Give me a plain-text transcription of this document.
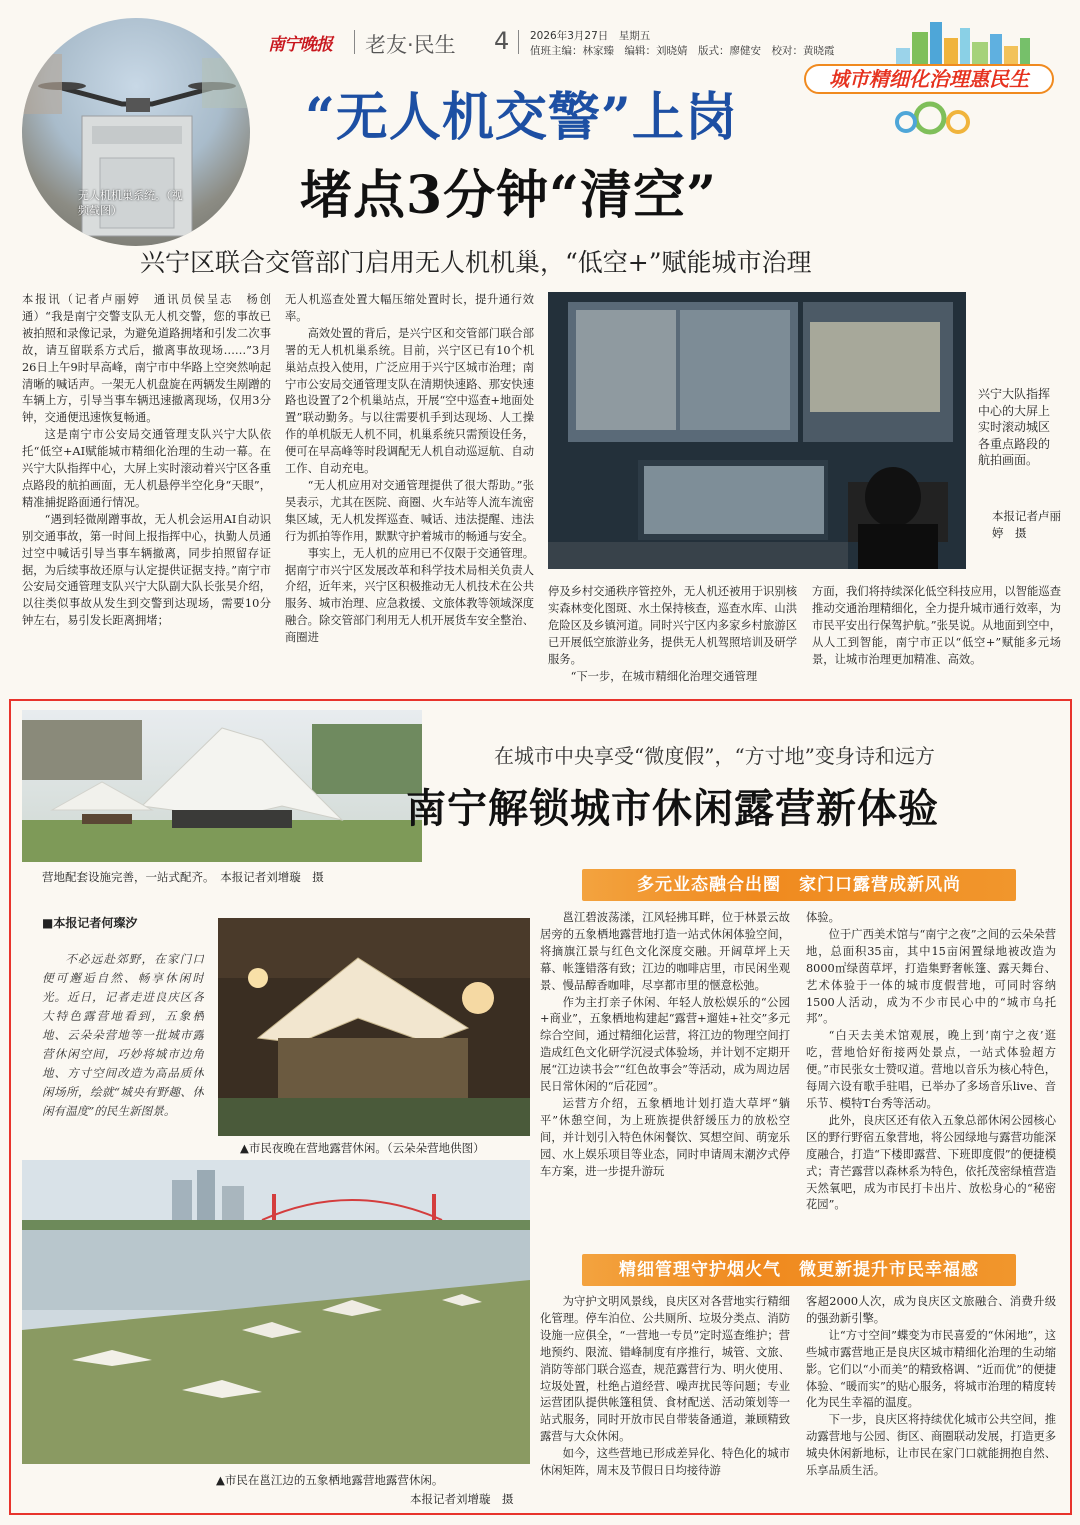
南宁晚报 老友·民生 4 2026年3月27日　星期五
值班主编：林家臻　编辑：刘晓婧　版式：廖健安　校对：黄晓霞
城市精细化治理惠民生
无人机机巢系统。（视频截图）
“无人机交警”上岗
堵点3分钟“清空”
兴宁区联合交管部门启用无人机机巢，“低空+”赋能城市治理

本报讯（记者卢丽婷　通讯员侯呈志　杨创通）“我是南宁交警支队无人机交警，您的事故已被拍照和录像记录，为避免道路拥堵和引发二次事故，请互留联系方式后，撤离事故现场……”3月26日上午9时早高峰，南宁市中华路上空突然响起清晰的喊话声。一架无人机盘旋在两辆发生剐蹭的车辆上方，引导当事车辆迅速撤离现场，仅用3分钟，交通便迅速恢复畅通。

这是南宁市公安局交通管理支队兴宁大队依托“低空+AI赋能城市精细化治理的生动一幕。在兴宁大队指挥中心，大屏上实时滚动着兴宁区各重点路段的航拍画面，无人机悬停半空化身“天眼”，精准捕捉路面通行情况。

“遇到轻微剐蹭事故，无人机会运用AI自动识别交通事故，第一时间上报指挥中心，执勤人员通过空中喊话引导当事车辆撤离，同步拍照留存证据，为后续事故还原与认定提供证据支持。”南宁市公安局交通管理支队兴宁大队副大队长张昊介绍，以往类似事故从发生到交警到达现场，需要10分钟左右，易引发长距离拥堵；

无人机巡查处置大幅压缩处置时长，提升通行效率。

高效处置的背后，是兴宁区和交管部门联合部署的无人机机巢系统。目前，兴宁区已有10个机巢站点投入使用，广泛应用于兴宁区城市治理；南宁市公安局交通管理支队在清期快速路、那安快速路也设置了2个机巢站点，开展“空中巡查+地面处置”联动勤务。与以往需要机手到达现场、人工操作的单机版无人机不同，机巢系统只需预设任务，便可在早高峰等时段调配无人机自动巡逗航、自动工作、自动充电。

“无人机应用对交通管理提供了很大帮助。”张昊表示，尤其在医院、商圈、火车站等人流车流密集区域，无人机发挥巡查、喊话、违法提醒、违法行为抓拍等作用，默默守护着城市的畅通与安全。

事实上，无人机的应用已不仅限于交通管理。据南宁市兴宁区发展改革和科学技术局相关负责人介绍，近年来，兴宁区积极推动无人机技术在公共服务、城市治理、应急救援、文旅体教等领域深度融合。除交管部门利用无人机开展货车安全整治、商圈进

兴宁大队指挥中心的大屏上实时滚动城区各重点路段的航拍画面。
本报记者卢丽婷　摄

停及乡村交通秩序管控外，无人机还被用于识别核实森林变化图斑、水土保持核查，巡查水库、山洪危险区及乡镇河道。同时兴宁区内多家乡村旅游区已开展低空旅游业务，提供无人机驾照培训及研学服务。

“下一步，在城市精细化治理交通管理

方面，我们将持续深化低空科技应用，以智能巡查推动交通治理精细化，全力提升城市通行效率，为市民平安出行保驾护航。”张昊说。从地面到空中，从人工到智能，南宁市正以“低空+”赋能多元场景，让城市治理更加精准、高效。

营地配套设施完善，一站式配齐。　本报记者刘增璇　摄
在城市中央享受“微度假”，“方寸地”变身诗和远方
南宁解锁城市休闲露营新体验
多元业态融合出圈　家门口露营成新风尚
■本报记者何璨汐

不必远赴郊野，在家门口便可邂逅自然、畅享休闲时光。近日，记者走进良庆区各大特色露营地看到，五象栖地、云朵朵营地等一批城市露营休闲空间，巧妙将城市边角地、方寸空间改造为高品质休闲场所，绘就“城央有野趣、休闲有温度”的民生新图景。

▲市民夜晚在营地露营休闲。（云朵朵营地供图）
▲市民在邕江边的五象栖地露营地露营休闲。
本报记者刘增璇　摄

邕江碧波荡漾，江风轻拂耳畔，位于林景云故居旁的五象栖地露营地打造一站式休闲体验空间，将摘旗江景与红色文化深度交融。开阔草坪上天幕、帐篷错落有致；江边的咖啡店里，市民闲坐观景、慢品醇香咖啡，尽享都市里的惬意松弛。

作为主打亲子休闲、年轻人放松娱乐的“公园+商业”，五象栖地构建起“露营+遛娃+社交”多元综合空间，通过精细化运营，将江边的物理空间打造成红色文化研学沉浸式体验场，并计划不定期开展“江边读书会”“红色故事会”等活动，成为周边居民日常休闲的“后花园”。

运营方介绍，五象栖地计划打造大草坪“躺平”休憩空间，为上班族提供舒缓压力的放松空间，并计划引入特色休闲餐饮、冥想空间、萌宠乐园、水上娱乐项目等业态，同时申请周末潮汐式停车方案，进一步提升游玩

体验。

位于广西美术馆与“南宁之夜”之间的云朵朵营地，总面积35亩，其中15亩闲置绿地被改造为8000㎡绿茵草坪，打造集野奢帐篷、露天舞台、艺术体验于一体的城市度假营地，可同时容纳1500人活动，成为不少市民心中的“城市乌托邦”。

“白天去美术馆观展，晚上到‘南宁之夜’逛吃，营地恰好衔接两处景点，一站式体验超方便。”市民张女士赞叹道。营地以音乐为核心特色，每周六设有歌手驻唱，已举办了多场音乐live、音乐节、模特T台秀等活动。

此外，良庆区还有依入五象总部休闲公园核心区的野行野宿五象营地，将公园绿地与露营功能深度融合，打造“下楼即露营、下班即度假”的便捷模式；青芒露营以森林系为特色，依托茂密绿植营造天然氧吧，成为市民打卡出片、放松身心的“秘密花园”。

精细管理守护烟火气　微更新提升市民幸福感

为守护文明风景线，良庆区对各营地实行精细化管理。停车泊位、公共厕所、垃圾分类点、消防设施一应俱全，“一营地一专员”定时巡查维护；营地预约、限流、错峰制度有序推行，城管、文旅、消防等部门联合巡查，规范露营行为、明火使用、垃圾处置，杜绝占道经营、噪声扰民等问题；专业运营团队提供帐篷租赁、食材配送、活动策划等一站式服务，同时开放市民自带装备通道，兼顾精致露营与大众休闲。

如今，这些营地已形成差异化、特色化的城市休闲矩阵，周末及节假日日均接待游

客超2000人次，成为良庆区文旅融合、消费升级的强劲新引擎。

让“方寸空间”蝶变为市民喜爱的“休闲地”，这些城市露营地正是良庆区城市精细化治理的生动缩影。它们以“小而美”的精致格调、“近而优”的便捷体验、“暖而实”的贴心服务，将城市治理的精度转化为民生幸福的温度。

下一步，良庆区将持续优化城市公共空间，推动露营地与公园、街区、商圈联动发展，打造更多城央休闲新地标，让市民在家门口就能拥抱自然、乐享品质生活。
